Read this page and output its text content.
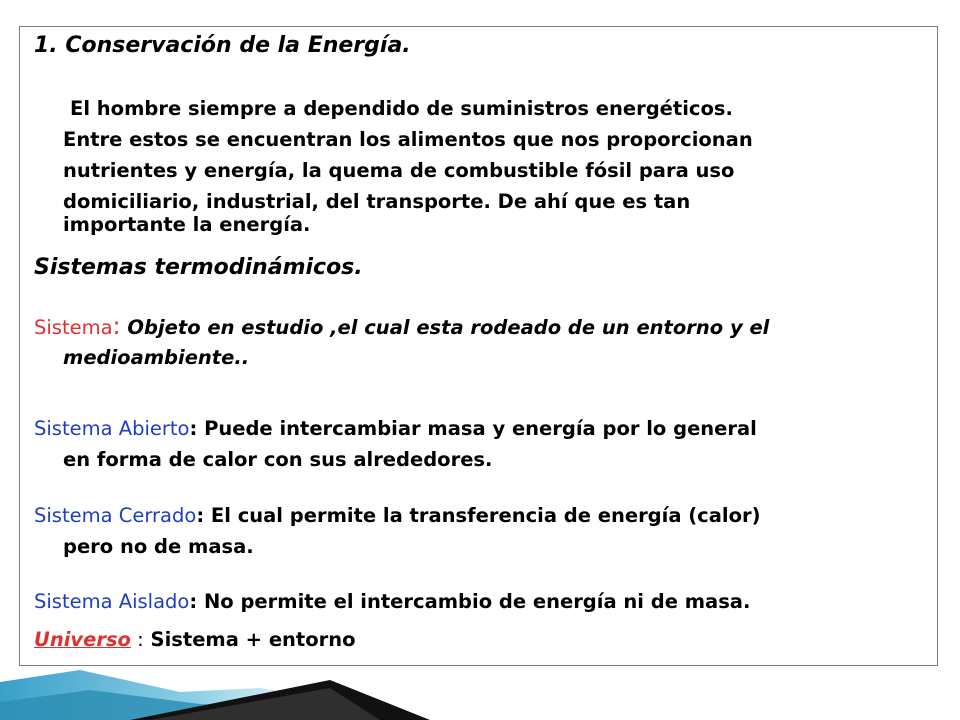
1. Conservación de la Energía.
El hombre siempre a dependido de suministros energéticos.
Entre estos se encuentran los alimentos que nos proporcionan
nutrientes y energía, la quema de combustible fósil para uso
domiciliario, industrial, del transporte. De ahí que es tan
importante la energía.
Sistemas termodinámicos.
Sistema: Objeto en estudio ,el cual esta rodeado de un entorno y el
medioambiente..
Sistema Abierto: Puede intercambiar masa y energía por lo general
en forma de calor con sus alrededores.
Sistema Cerrado: El cual permite la transferencia de energía (calor)
pero no de masa.
Sistema Aislado: No permite el intercambio de energía ni de masa.
Universo : Sistema + entorno
